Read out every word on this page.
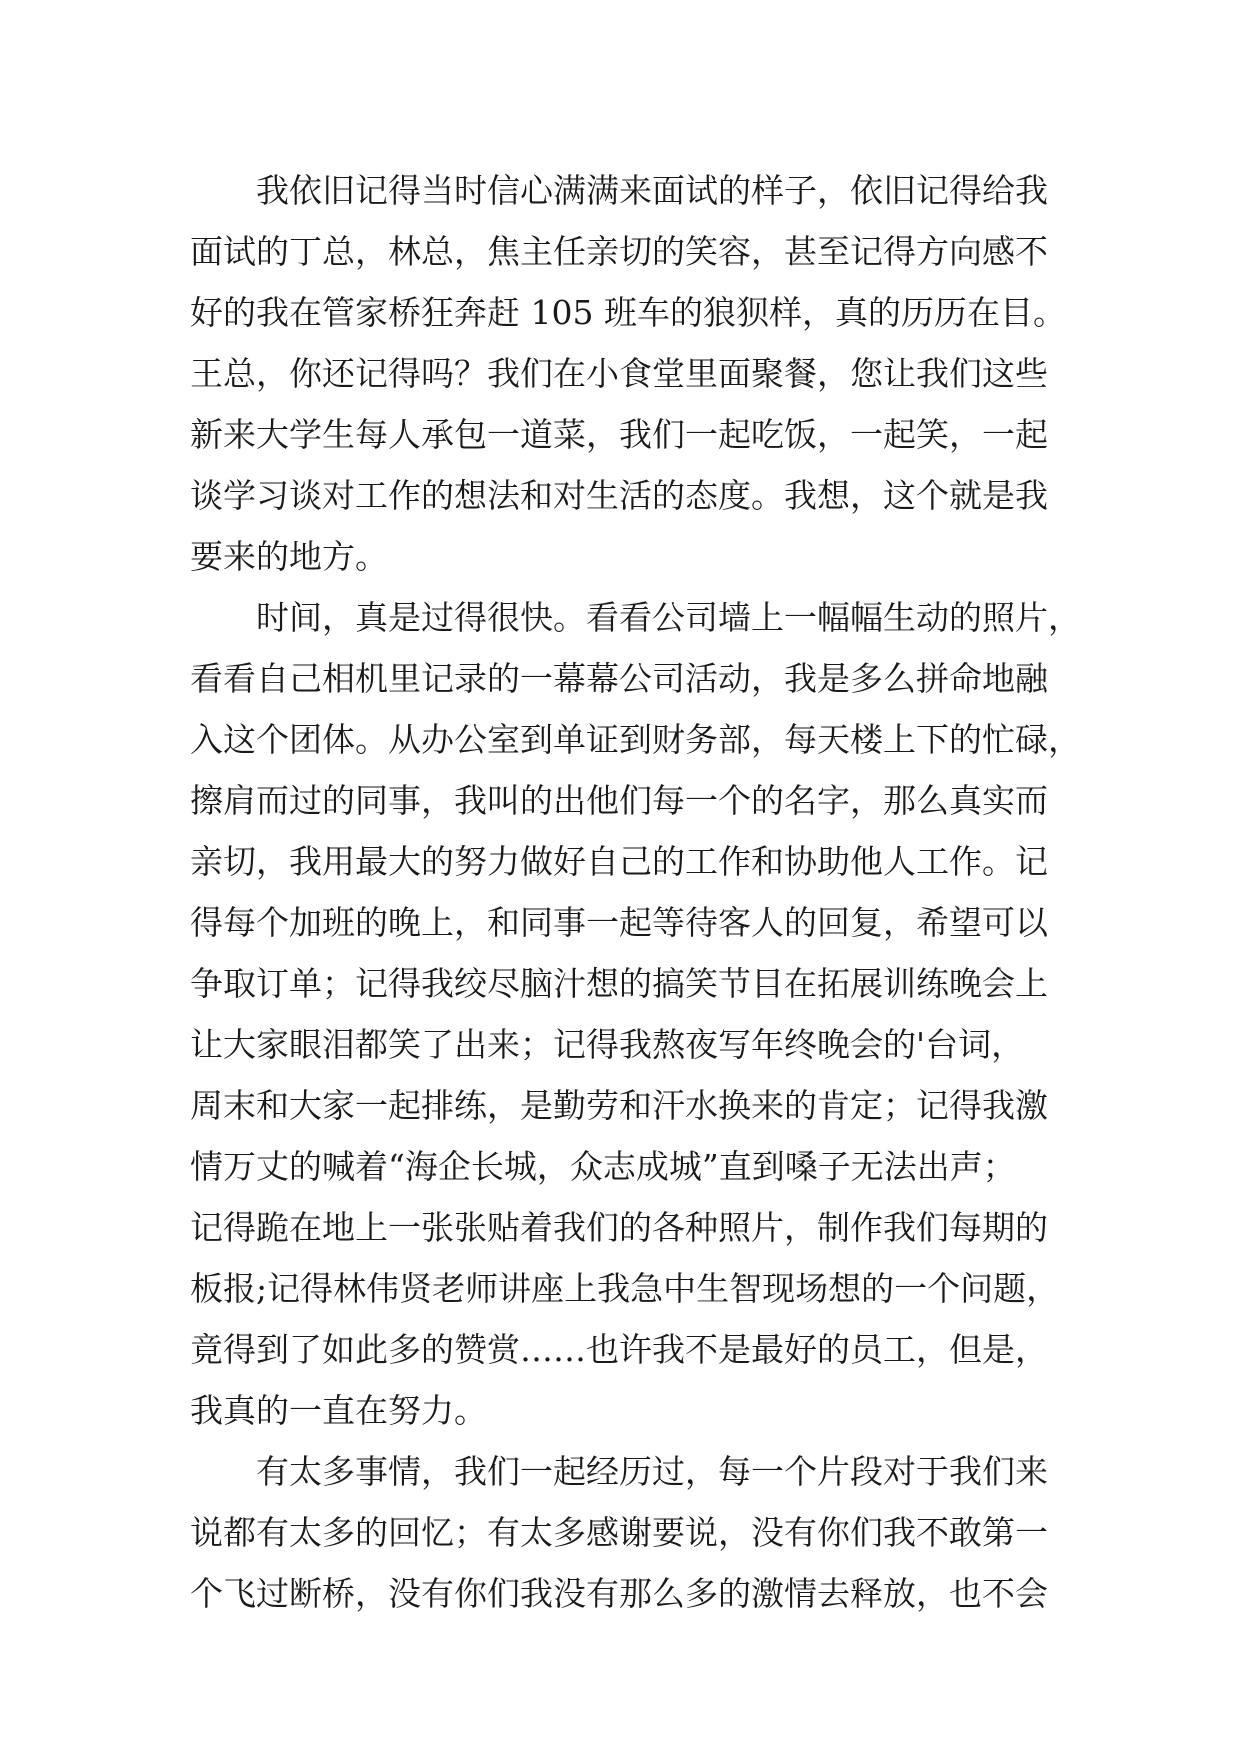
我依旧记得当时信心满满来面试的样子，依旧记得给我
面试的丁总，林总，焦主任亲切的笑容，甚至记得方向感不
好的我在管家桥狂奔赶 105 班车的狼狈样，真的历历在目。
王总，你还记得吗？我们在小食堂里面聚餐，您让我们这些
新来大学生每人承包一道菜，我们一起吃饭，一起笑，一起
谈学习谈对工作的想法和对生活的态度。我想，这个就是我
要来的地方。
时间，真是过得很快。看看公司墙上一幅幅生动的照片，
看看自己相机里记录的一幕幕公司活动，我是多么拼命地融
入这个团体。从办公室到单证到财务部，每天楼上下的忙碌，
擦肩而过的同事，我叫的出他们每一个的名字，那么真实而
亲切，我用最大的努力做好自己的工作和协助他人工作。记
得每个加班的晚上，和同事一起等待客人的回复，希望可以
争取订单；记得我绞尽脑汁想的搞笑节目在拓展训练晚会上
让大家眼泪都笑了出来；记得我熬夜写年终晚会的'台词，
周末和大家一起排练，是勤劳和汗水换来的肯定；记得我激
情万丈的喊着“海企长城，众志成城”直到嗓子无法出声；
记得跪在地上一张张贴着我们的各种照片，制作我们每期的
板报;记得林伟贤老师讲座上我急中生智现场想的一个问题，
竟得到了如此多的赞赏……也许我不是最好的员工，但是，
我真的一直在努力。
有太多事情，我们一起经历过，每一个片段对于我们来
说都有太多的回忆；有太多感谢要说，没有你们我不敢第一
个飞过断桥，没有你们我没有那么多的激情去释放，也不会
